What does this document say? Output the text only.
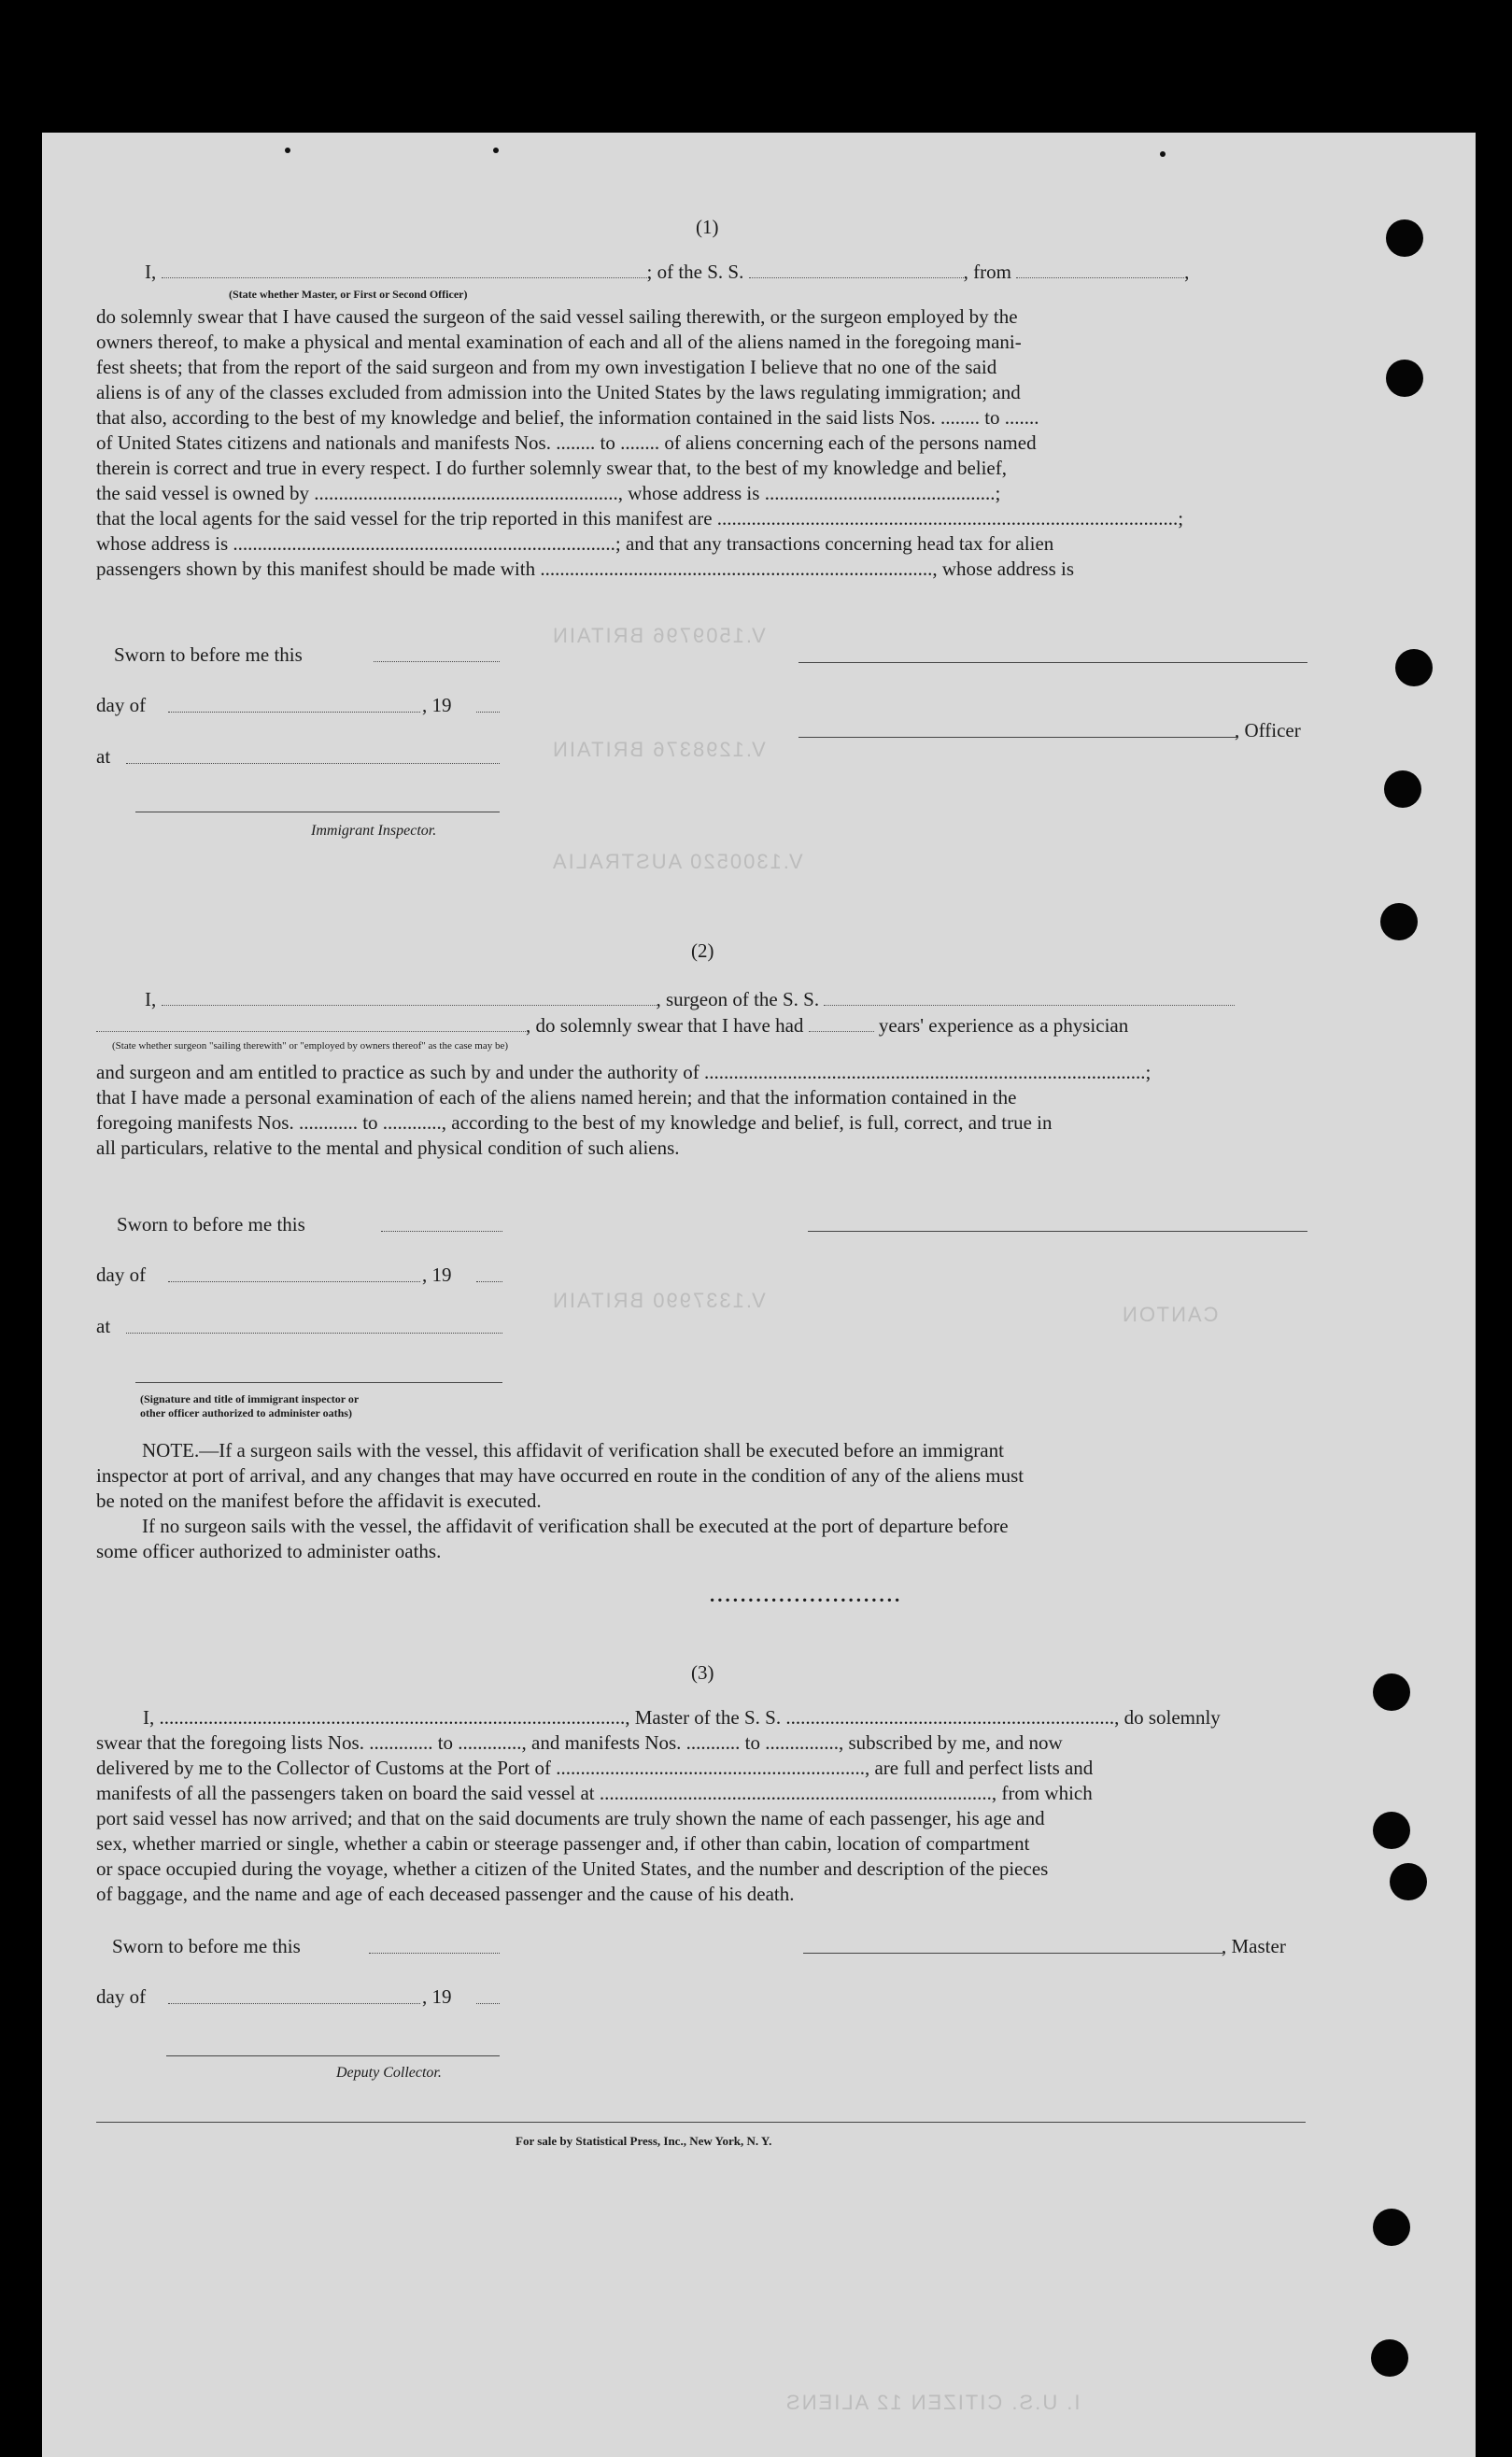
V.1509796 BRITAIN
V.1298376 BRITAIN
V.1300520 AUSTRALIA
V.1337990 BRITAIN
CANTON
I. U.S. CITIZEN 12 ALIENS
(1)
I,	; of the S. S.	, from	,
(State whether Master, or First or Second Officer)
do solemnly swear that I have caused the surgeon of the said vessel sailing therewith, or the surgeon employed by the
owners thereof, to make a physical and mental examination of each and all of the aliens named in the foregoing mani-
fest sheets; that from the report of the said surgeon and from my own investigation I believe that no one of the said
aliens is of any of the classes excluded from admission into the United States by the laws regulating immigration; and
that also, according to the best of my knowledge and belief, the information contained in the said lists Nos. ........ to .......
of United States citizens and nationals and manifests Nos. ........ to ........ of aliens concerning each of the persons named
therein is correct and true in every respect. I do further solemnly swear that, to the best of my knowledge and belief,
the said vessel is owned by .............................................................., whose address is ...............................................;
that the local agents for the said vessel for the trip reported in this manifest are ..............................................................................................;
whose address is ..............................................................................; and that any transactions concerning head tax for alien
passengers shown by this manifest should be made with ................................................................................, whose address is
Sworn to before me this
day of	, 19
at
Immigrant Inspector.
, Officer
(2)
I,	, surgeon of the S. S.
, do solemnly swear that I have had	years' experience as a physician
(State whether surgeon "sailing therewith" or "employed by owners thereof" as the case may be)
and surgeon and am entitled to practice as such by and under the authority of ..........................................................................................;
that I have made a personal examination of each of the aliens named herein; and that the information contained in the
foregoing manifests Nos. ............ to ............, according to the best of my knowledge and belief, is full, correct, and true in
all particulars, relative to the mental and physical condition of such aliens.
Sworn to before me this
day of	, 19
at
(Signature and title of immigrant inspector or
other officer authorized to administer oaths)
NOTE.—If a surgeon sails with the vessel, this affidavit of verification shall be executed before an immigrant
inspector at port of arrival, and any changes that may have occurred en route in the condition of any of the aliens must
be noted on the manifest before the affidavit is executed.
If no surgeon sails with the vessel, the affidavit of verification shall be executed at the port of departure before
some officer authorized to administer oaths.
.........................
(3)
I, ..............................................................................................., Master of the S. S. ..................................................................., do solemnly
swear that the foregoing lists Nos. ............. to ............., and manifests Nos. ........... to ..............., subscribed by me, and now
delivered by me to the Collector of Customs at the Port of ..............................................................., are full and perfect lists and
manifests of all the passengers taken on board the said vessel at ................................................................................, from which
port said vessel has now arrived; and that on the said documents are truly shown the name of each passenger, his age and
sex, whether married or single, whether a cabin or steerage passenger and, if other than cabin, location of compartment
or space occupied during the voyage, whether a citizen of the United States, and the number and description of the pieces
of baggage, and the name and age of each deceased passenger and the cause of his death.
Sworn to before me this
day of	, 19
Deputy Collector.
, Master
For sale by Statistical Press, Inc., New York, N. Y.
